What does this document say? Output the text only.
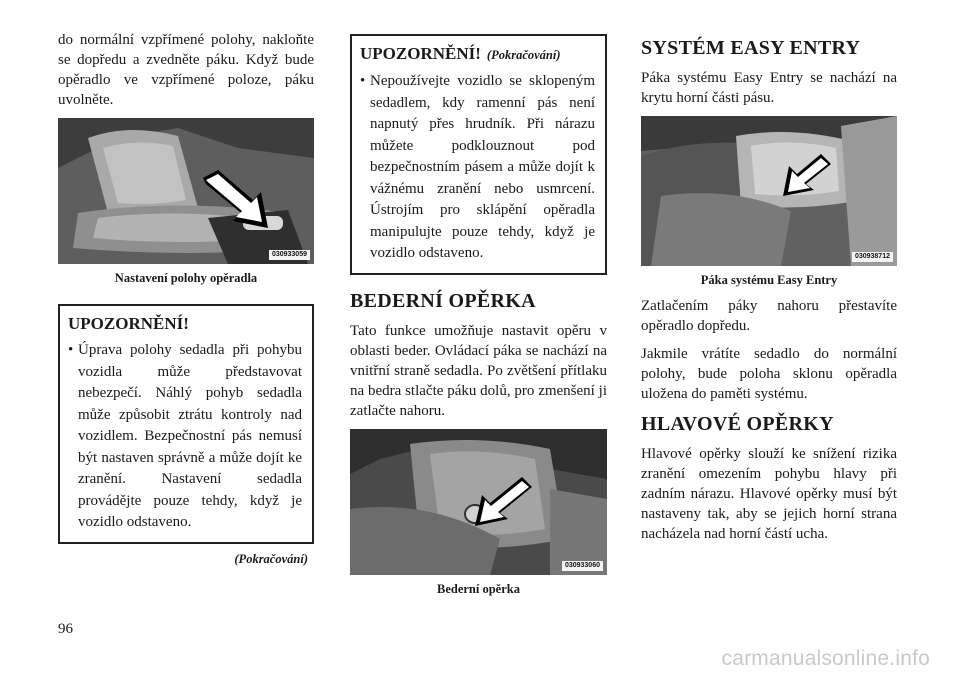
do normální vzpřímené polohy, nakloňte se dopředu a zvedněte páku. Když bude opěradlo ve vzpřímené poloze, páku uvolněte.

030933059

Nastavení polohy opěradla

UPOZORNĚNÍ!

• Úprava polohy sedadla při pohybu vozidla může představovat nebezpečí. Náhlý pohyb sedadla může způsobit ztrátu kontroly nad vozidlem. Bezpečnostní pás nemusí být nastaven správně a může dojít ke zranění. Nastavení sedadla provádějte pouze tehdy, když je vozidlo odstaveno.

(Pokračování)

UPOZORNĚNÍ! (Pokračování)

• Nepoužívejte vozidlo se sklopeným sedadlem, kdy ramenní pás není napnutý přes hrudník. Při nárazu můžete podklouznout pod bezpečnostním pásem a může dojít k vážnému zranění nebo usmrcení. Ústrojím pro sklápění opěradla manipulujte pouze tehdy, když je vozidlo odstaveno.
BEDERNÍ OPĚRKA

Tato funkce umožňuje nastavit opěru v oblasti beder. Ovládací páka se nachází na vnitřní straně sedadla. Po zvětšení přítlaku na bedra stlačte páku dolů, pro zmenšení ji zatlačte nahoru.

030933060

Bederní opěrka

SYSTÉM EASY ENTRY

Páka systému Easy Entry se nachází na krytu horní části pásu.

030938712

Páka systému Easy Entry

Zatlačením páky nahoru přestavíte opěradlo dopředu.

Jakmile vrátíte sedadlo do normální polohy, bude poloha sklonu opěradla uložena do paměti systému.

HLAVOVÉ OPĚRKY

Hlavové opěrky slouží ke snížení rizika zranění omezením pohybu hlavy při zadním nárazu. Hlavové opěrky musí být nastaveny tak, aby se jejich horní strana nacházela nad horní částí ucha.

96
carmanualsonline.info
